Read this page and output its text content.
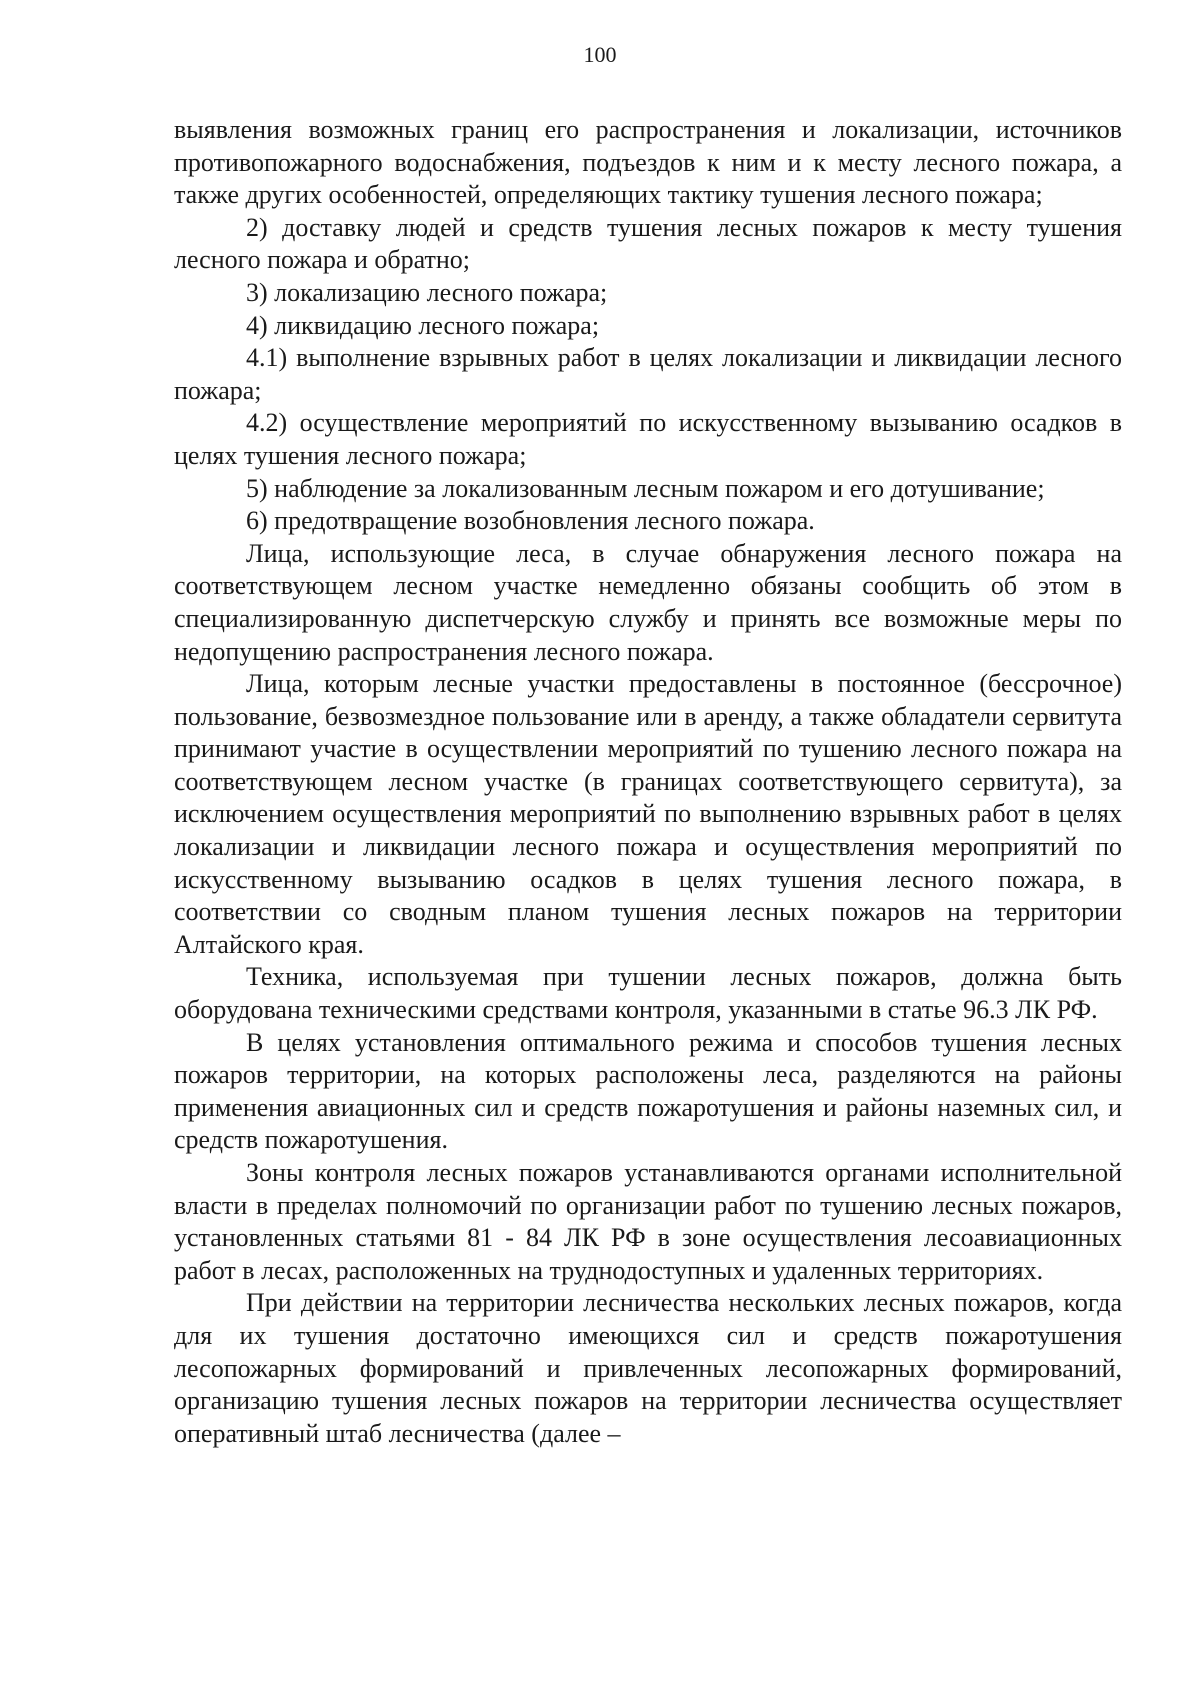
100

выявления возможных границ его распространения и локализации, источников противопожарного водоснабжения, подъездов к ним и к месту лесного пожара, а также других особенностей, определяющих тактику тушения лесного пожара;

2) доставку людей и средств тушения лесных пожаров к месту тушения лесного пожара и обратно;

3) локализацию лесного пожара;

4) ликвидацию лесного пожара;

4.1) выполнение взрывных работ в целях локализации и ликвидации лесного пожара;

4.2) осуществление мероприятий по искусственному вызыванию осадков в целях тушения лесного пожара;

5) наблюдение за локализованным лесным пожаром и его дотушивание;

6) предотвращение возобновления лесного пожара.

Лица, использующие леса, в случае обнаружения лесного пожара на соответствующем лесном участке немедленно обязаны сообщить об этом в специализированную диспетчерскую службу и принять все возможные меры по недопущению распространения лесного пожара.

Лица, которым лесные участки предоставлены в постоянное (бессрочное) пользование, безвозмездное пользование или в аренду, а также обладатели сервитута принимают участие в осуществлении мероприятий по тушению лесного пожара на соответствующем лесном участке (в границах соответствующего сервитута), за исключением осуществления мероприятий по выполнению взрывных работ в целях локализации и ликвидации лесного пожара и осуществления мероприятий по искусственному вызыванию осадков в целях тушения лесного пожара, в соответствии со сводным планом тушения лесных пожаров на территории Алтайского края.

Техника, используемая при тушении лесных пожаров, должна быть оборудована техническими средствами контроля, указанными в статье 96.3 ЛК РФ.

В целях установления оптимального режима и способов тушения лесных пожаров территории, на которых расположены леса, разделяются на районы применения авиационных сил и средств пожаротушения и районы наземных сил, и средств пожаротушения.

Зоны контроля лесных пожаров устанавливаются органами исполнительной власти в пределах полномочий по организации работ по тушению лесных пожаров, установленных статьями 81 - 84 ЛК РФ в зоне осуществления лесоавиационных работ в лесах, расположенных на труднодоступных и удаленных территориях.

При действии на территории лесничества нескольких лесных пожаров, когда для их тушения достаточно имеющихся сил и средств пожаротушения лесопожарных формирований и привлеченных лесопожарных формирований, организацию тушения лесных пожаров на территории лесничества осуществляет оперативный штаб лесничества (далее –
